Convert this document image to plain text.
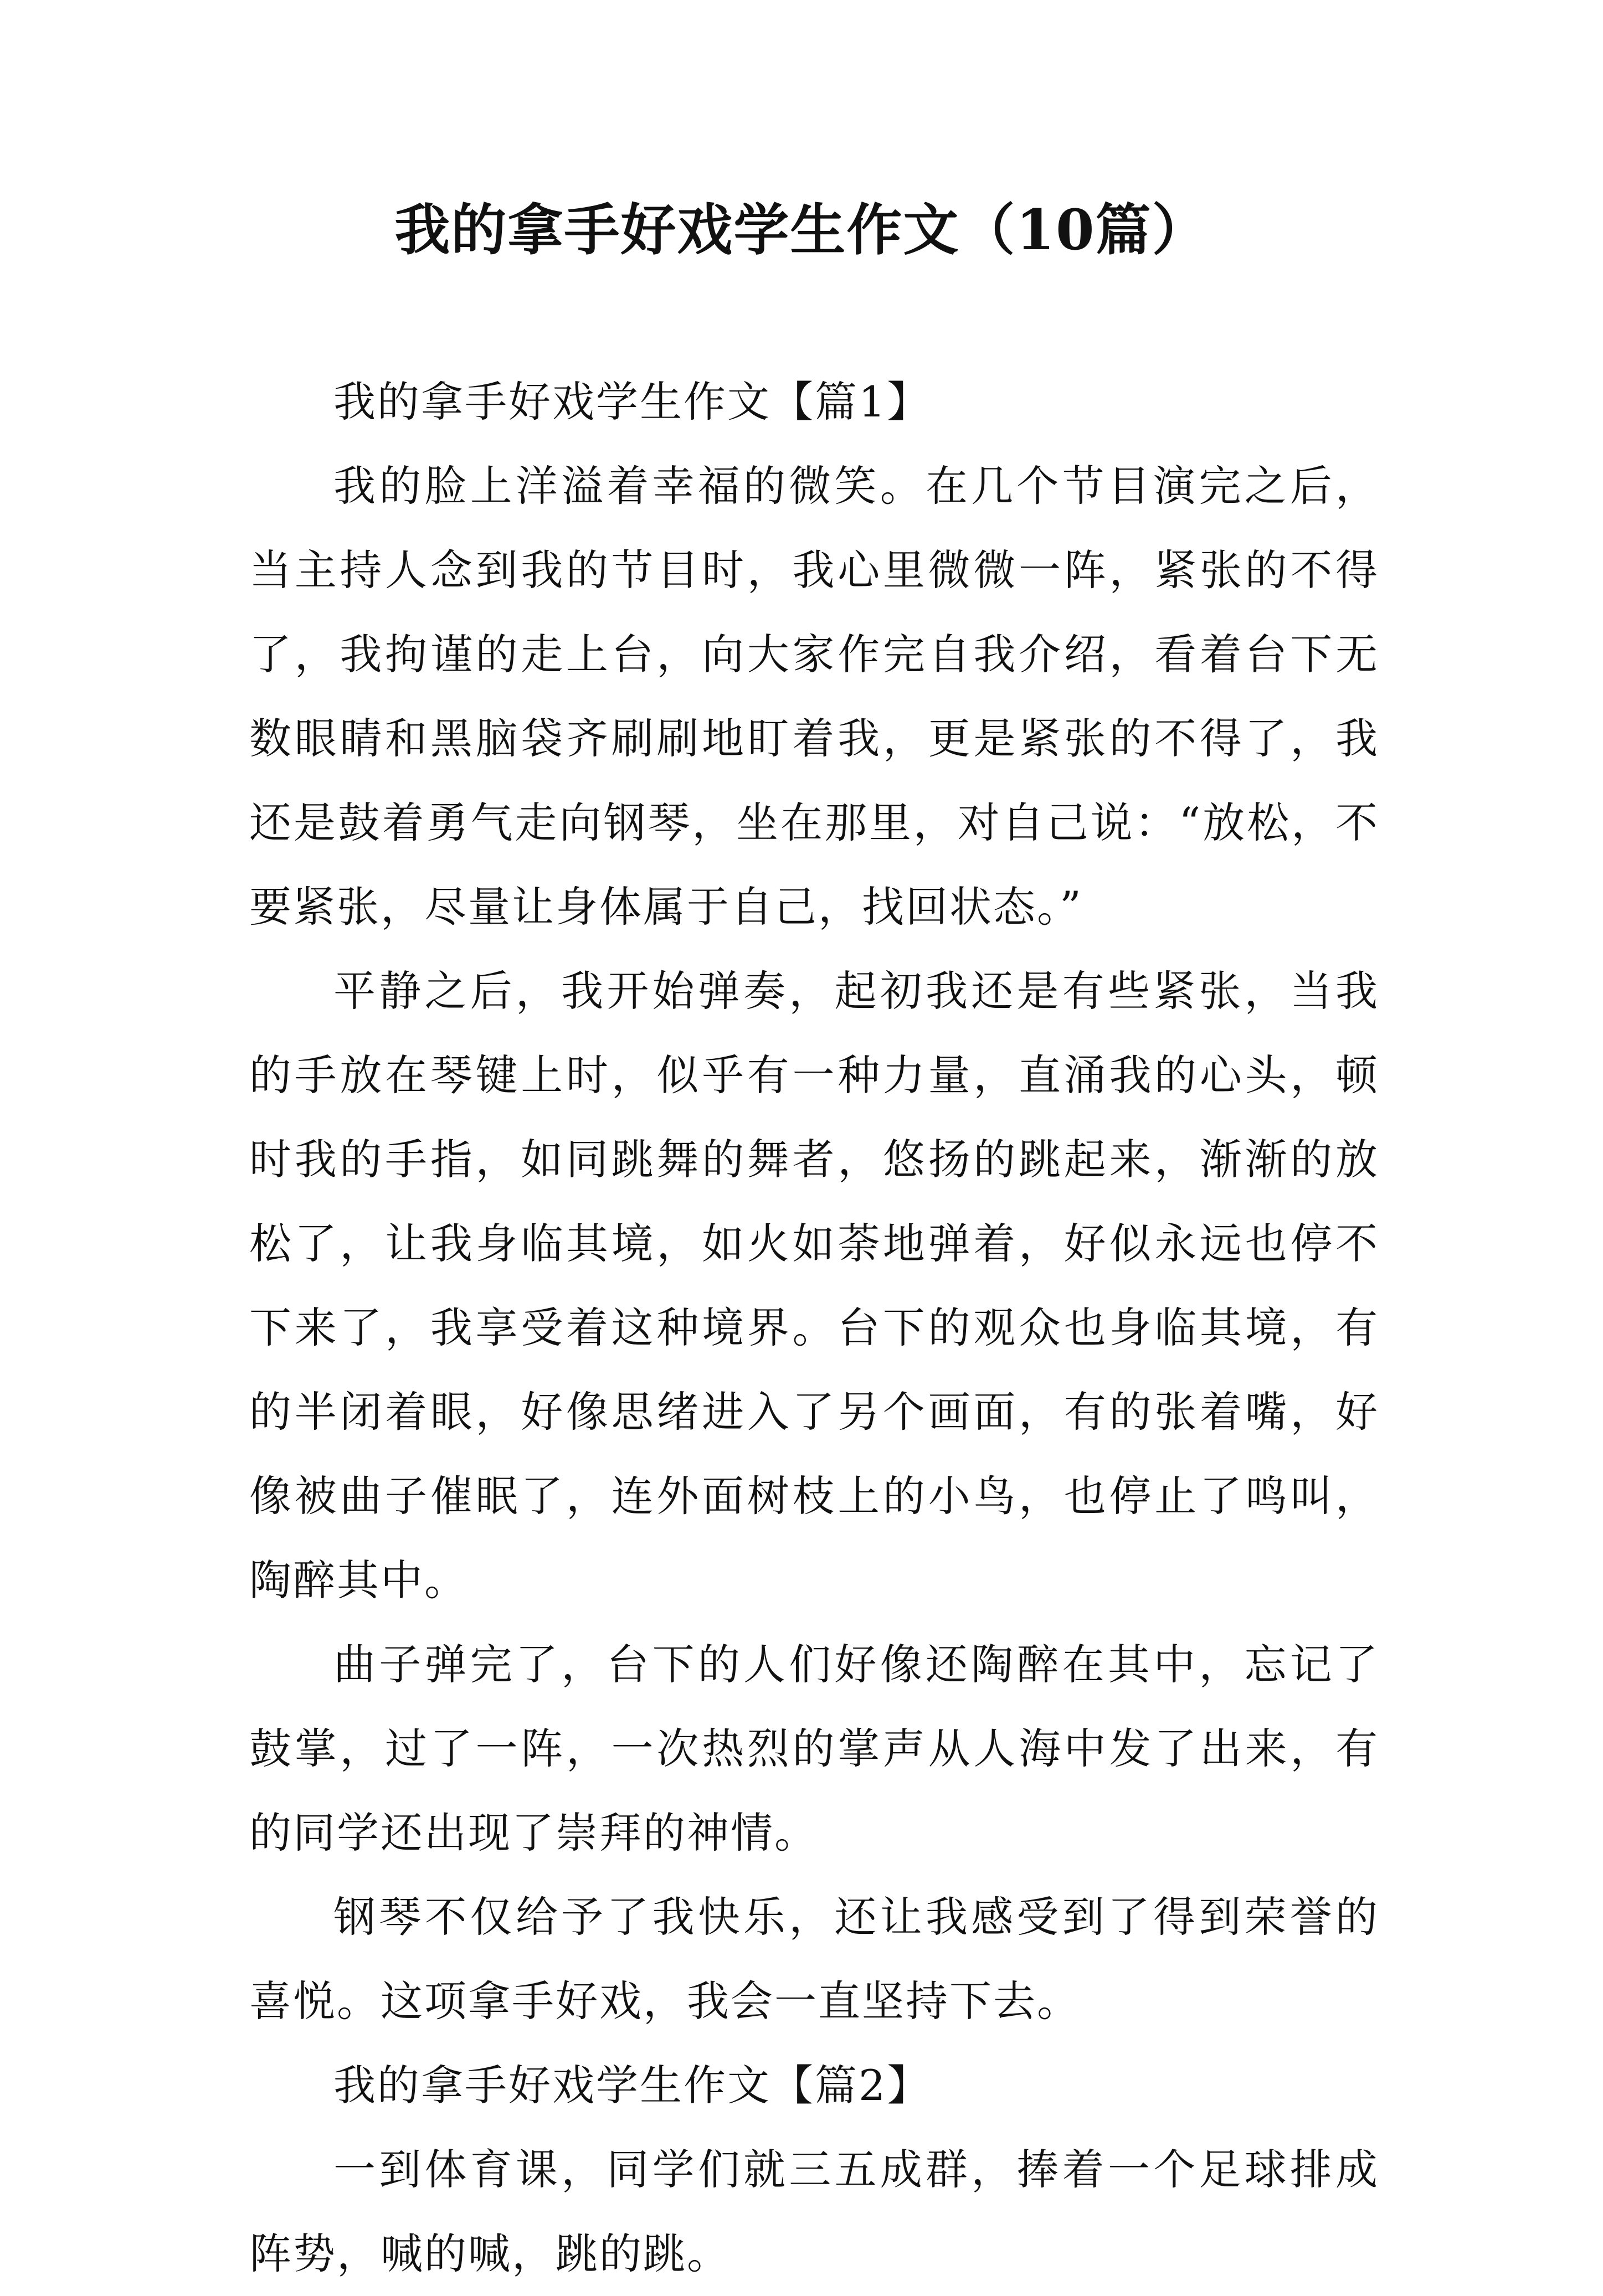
我的拿手好戏学生作文（10篇）

我的拿手好戏学生作文【篇1】

我的脸上洋溢着幸福的微笑。在几个节目演完之后，当主持人念到我的节目时，我心里微微一阵，紧张的不得了，我拘谨的走上台，向大家作完自我介绍，看着台下无数眼睛和黑脑袋齐刷刷地盯着我，更是紧张的不得了，我还是鼓着勇气走向钢琴，坐在那里，对自己说：“放松，不要紧张，尽量让身体属于自己，找回状态。”

平静之后，我开始弹奏，起初我还是有些紧张，当我的手放在琴键上时，似乎有一种力量，直涌我的心头，顿时我的手指，如同跳舞的舞者，悠扬的跳起来，渐渐的放松了，让我身临其境，如火如荼地弹着，好似永远也停不下来了，我享受着这种境界。台下的观众也身临其境，有的半闭着眼，好像思绪进入了另个画面，有的张着嘴，好像被曲子催眠了，连外面树枝上的小鸟，也停止了鸣叫，陶醉其中。

曲子弹完了，台下的人们好像还陶醉在其中，忘记了鼓掌，过了一阵，一次热烈的掌声从人海中发了出来，有的同学还出现了崇拜的神情。

钢琴不仅给予了我快乐，还让我感受到了得到荣誉的喜悦。这项拿手好戏，我会一直坚持下去。

我的拿手好戏学生作文【篇2】

一到体育课，同学们就三五成群，捧着一个足球排成阵势，喊的喊，跳的跳。
